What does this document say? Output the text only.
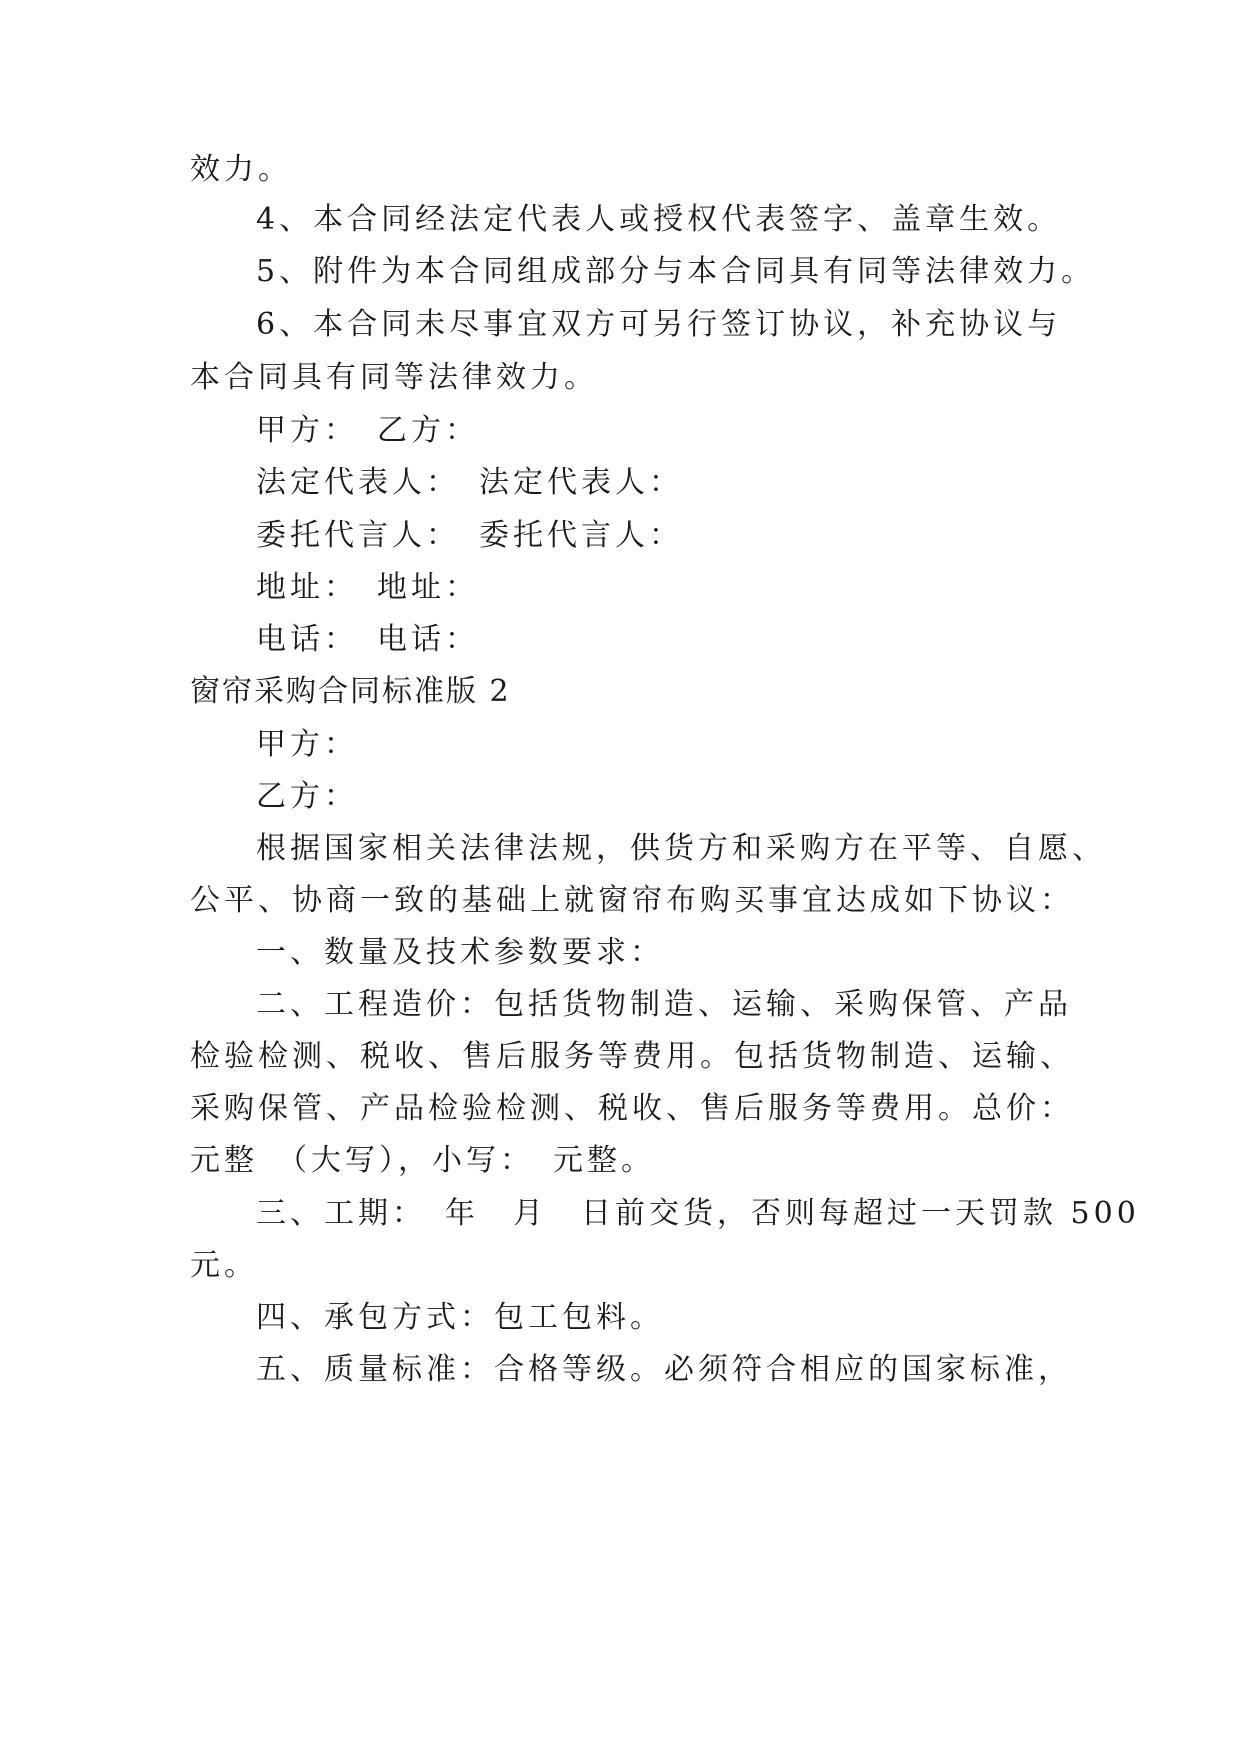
效力。
4、本合同经法定代表人或授权代表签字、盖章生效。
5、附件为本合同组成部分与本合同具有同等法律效力。
6、本合同未尽事宜双方可另行签订协议，补充协议与
本合同具有同等法律效力。
甲方：　乙方：
法定代表人：　法定代表人：
委托代言人：　委托代言人：
地址：　地址：
电话：　电话：
窗帘采购合同标准版 2
甲方：
乙方：
根据国家相关法律法规，供货方和采购方在平等、自愿、
公平、协商一致的基础上就窗帘布购买事宜达成如下协议：
一、数量及技术参数要求：
二、工程造价：包括货物制造、运输、采购保管、产品
检验检测、税收、售后服务等费用。包括货物制造、运输、
采购保管、产品检验检测、税收、售后服务等费用。总价：
元整　（大写），小写：　元整。
三、工期：　年　月　日前交货，否则每超过一天罚款 500
元。
四、承包方式：包工包料。
五、质量标准：合格等级。必须符合相应的国家标准，
